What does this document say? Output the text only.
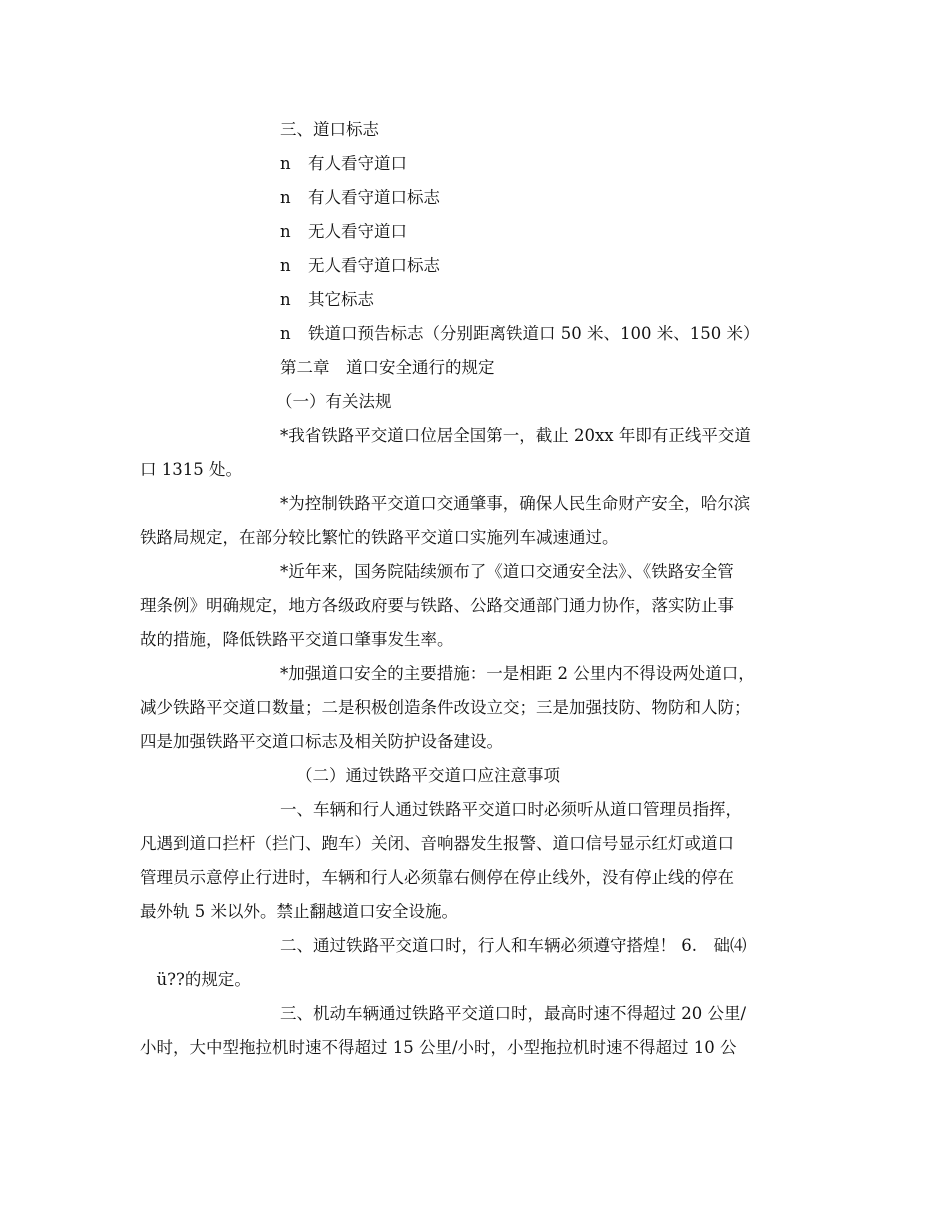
三、道口标志
n 有人看守道口
n 有人看守道口标志
n 无人看守道口
n 无人看守道口标志
n 其它标志
n 铁道口预告标志（分别距离铁道口 50 米、100 米、150 米）
第二章　道口安全通行的规定
（一）有关法规
*我省铁路平交道口位居全国第一，截止 20xx 年即有正线平交道
口 1315 处。
*为控制铁路平交道口交通肇事，确保人民生命财产安全，哈尔滨
铁路局规定，在部分较比繁忙的铁路平交道口实施列车减速通过。
*近年来，国务院陆续颁布了《道口交通安全法》、《铁路安全管
理条例》明确规定，地方各级政府要与铁路、公路交通部门通力协作，落实防止事
故的措施，降低铁路平交道口肇事发生率。
*加强道口安全的主要措施：一是相距 2 公里内不得设两处道口，
减少铁路平交道口数量；二是积极创造条件改设立交；三是加强技防、物防和人防；
四是加强铁路平交道口标志及相关防护设备建设。
（二）通过铁路平交道口应注意事项
一、车辆和行人通过铁路平交道口时必须听从道口管理员指挥，
凡遇到道口拦杆（拦门、跑车）关闭、音响器发生报警、道口信号显示红灯或道口
管理员示意停止行进时，车辆和行人必须靠右侧停在停止线外，没有停止线的停在
最外轨 5 米以外。禁止翻越道口安全设施。
二、通过铁路平交道口时，行人和车辆必须遵守搭煌！ 6.　础⑷
　ü??的规定。
三、机动车辆通过铁路平交道口时，最高时速不得超过 20 公里/
小时，大中型拖拉机时速不得超过 15 公里/小时，小型拖拉机时速不得超过 10 公
